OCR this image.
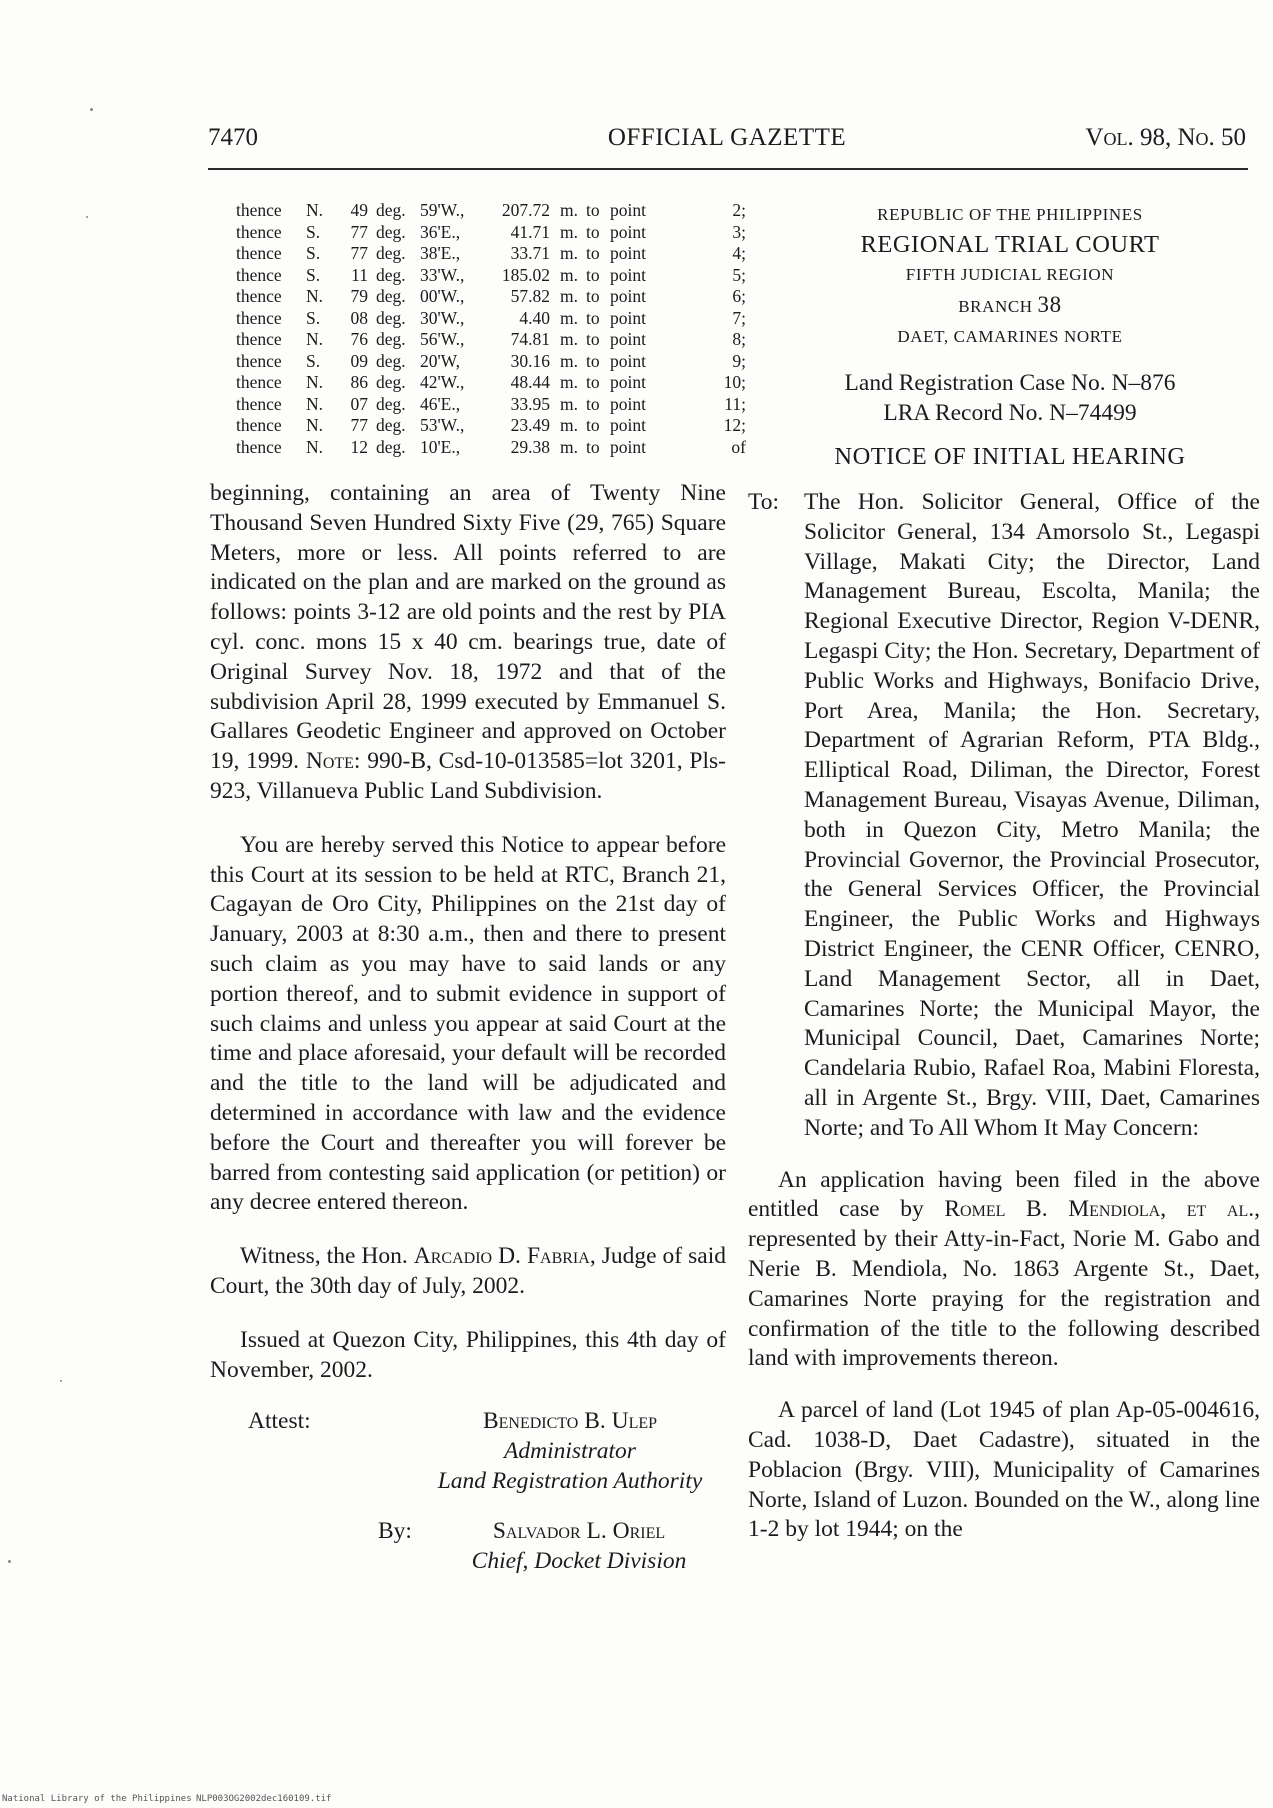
7470	OFFICIAL GAZETTE	Vol. 98, No. 50
thence	N.	49	deg.	59'W.,	207.72	m.	to	point	2;
thence	S.	77	deg.	36'E.,	41.71	m.	to	point	3;
thence	S.	77	deg.	38'E.,	33.71	m.	to	point	4;
thence	S.	11	deg.	33'W.,	185.02	m.	to	point	5;
thence	N.	79	deg.	00'W.,	57.82	m.	to	point	6;
thence	S.	08	deg.	30'W.,	4.40	m.	to	point	7;
thence	N.	76	deg.	56'W.,	74.81	m.	to	point	8;
thence	S.	09	deg.	20'W,	30.16	m.	to	point	9;
thence	N.	86	deg.	42'W.,	48.44	m.	to	point	10;
thence	N.	07	deg.	46'E.,	33.95	m.	to	point	11;
thence	N.	77	deg.	53'W.,	23.49	m.	to	point	12;
thence	N.	12	deg.	10'E.,	29.38	m.	to	point	of

beginning, containing an area of Twenty Nine Thousand Seven Hundred Sixty Five (29, 765) Square Meters, more or less. All points referred to are indicated on the plan and are marked on the ground as follows: points 3-12 are old points and the rest by PIA cyl. conc. mons 15 x 40 cm. bearings true, date of Original Survey Nov. 18, 1972 and that of the subdivision April 28, 1999 executed by Emmanuel S. Gallares Geodetic Engineer and approved on October 19, 1999. Note: 990-B, Csd-10-013585=lot 3201, Pls-923, Villanueva Public Land Subdivision.

You are hereby served this Notice to appear before this Court at its session to be held at RTC, Branch 21, Cagayan de Oro City, Philippines on the 21st day of January, 2003 at 8:30 a.m., then and there to present such claim as you may have to said lands or any portion thereof, and to submit evidence in support of such claims and unless you appear at said Court at the time and place aforesaid, your default will be recorded and the title to the land will be adjudicated and determined in accordance with law and the evidence before the Court and thereafter you will forever be barred from contesting said application (or petition) or any decree entered thereon.

Witness, the Hon. Arcadio D. Fabria, Judge of said Court, the 30th day of July, 2002.

Issued at Quezon City, Philippines, this 4th day of November, 2002.

Attest:	Benedicto B. Ulep
Administrator
Land Registration Authority
By:	Salvador L. Oriel
Chief, Docket Division
REPUBLIC OF THE PHILIPPINES
REGIONAL TRIAL COURT
FIFTH JUDICIAL REGION
BRANCH 38
DAET, CAMARINES NORTE
Land Registration Case No. N–876
LRA Record No. N–74499
NOTICE OF INITIAL HEARING
To: The Hon. Solicitor General, Office of the Solicitor General, 134 Amorsolo St., Legaspi Village, Makati City; the Director, Land Management Bureau, Escolta, Manila; the Regional Executive Director, Region V-DENR, Legaspi City; the Hon. Secretary, Department of Public Works and Highways, Bonifacio Drive, Port Area, Manila; the Hon. Secretary, Department of Agrarian Reform, PTA Bldg., Elliptical Road, Diliman, the Director, Forest Management Bureau, Visayas Avenue, Diliman, both in Quezon City, Metro Manila; the Provincial Governor, the Provincial Prosecutor, the General Services Officer, the Provincial Engineer, the Public Works and Highways District Engineer, the CENR Officer, CENRO, Land Management Sector, all in Daet, Camarines Norte; the Municipal Mayor, the Municipal Council, Daet, Camarines Norte; Candelaria Rubio, Rafael Roa, Mabini Floresta, all in Argente St., Brgy. VIII, Daet, Camarines Norte; and To All Whom It May Concern:

An application having been filed in the above entitled case by Romel B. Mendiola, et al., represented by their Atty-in-Fact, Norie M. Gabo and Nerie B. Mendiola, No. 1863 Argente St., Daet, Camarines Norte praying for the registration and confirmation of the title to the following described land with improvements thereon.

A parcel of land (Lot 1945 of plan Ap-05-004616, Cad. 1038-D, Daet Cadastre), situated in the Poblacion (Brgy. VIII), Municipality of Camarines Norte, Island of Luzon. Bounded on the W., along line 1-2 by lot 1944; on the

National Library of the Philippines NLP003OG2002dec160109.tif
